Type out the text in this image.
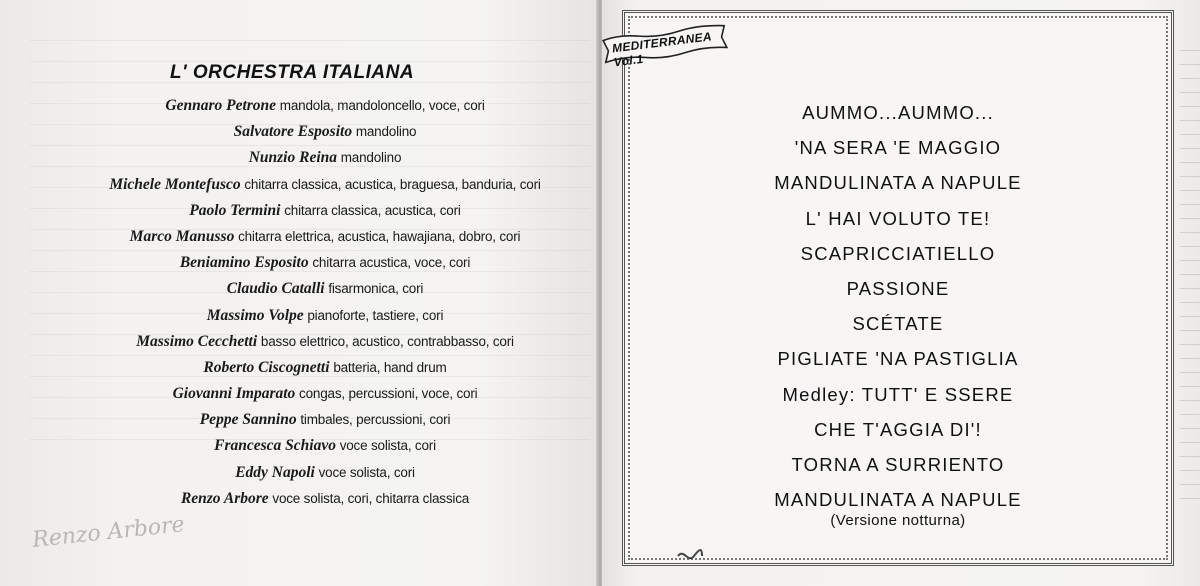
L' ORCHESTRA ITALIANA
Gennaro Petrone mandola, mandoloncello, voce, cori
Salvatore Esposito mandolino
Nunzio Reina mandolino
Michele Montefusco chitarra classica, acustica, braguesa, banduria, cori
Paolo Termini chitarra classica, acustica, cori
Marco Manusso chitarra elettrica, acustica, hawajiana, dobro, cori
Beniamino Esposito chitarra acustica, voce, cori
Claudio Catalli fisarmonica, cori
Massimo Volpe pianoforte, tastiere, cori
Massimo Cecchetti basso elettrico, acustico, contrabbasso, cori
Roberto Ciscognetti batteria, hand drum
Giovanni Imparato congas, percussioni, voce, cori
Peppe Sannino timbales, percussioni, cori
Francesca Schiavo voce solista, cori
Eddy Napoli voce solista, cori
Renzo Arbore voce solista, cori, chitarra classica
Renzo Arbore
MEDITERRANEA Vol.1
AUMMO...AUMMO...
'NA SERA 'E MAGGIO
MANDULINATA A NAPULE
L' HAI VOLUTO TE!
SCAPRICCIATIELLO
PASSIONE
SCÉTATE
PIGLIATE 'NA PASTIGLIA
Medley: TUTT' E SSERE
CHE T'AGGIA DI'!
TORNA A SURRIENTO
MANDULINATA A NAPULE
(Versione notturna)
